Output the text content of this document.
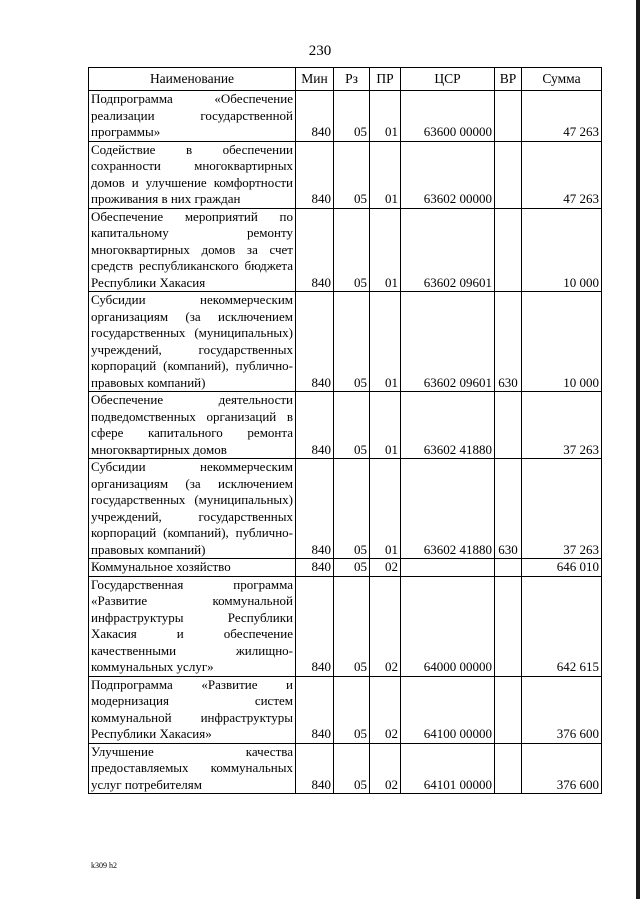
230
Наименование	Мин	Рз	ПР	ЦСР	ВР	Сумма
Подпрограмма «Обеспечение реализации государственной программы»	840	05	01	63600 00000		47 263
Содействие в обеспечении сохранности многоквартирных домов и улучшение комфортности проживания в них граждан	840	05	01	63602 00000		47 263
Обеспечение мероприятий по капитальному ремонту многоквартирных домов за счет средств республиканского бюджета Республики Хакасия	840	05	01	63602 09601		10 000
Субсидии некоммерческим организациям (за исключением государственных (муниципальных) учреждений, государственных корпораций (компаний), публично-правовых компаний)	840	05	01	63602 09601	630	10 000
Обеспечение деятельности подведомственных организаций в сфере капитального ремонта многоквартирных домов	840	05	01	63602 41880		37 263
Субсидии некоммерческим организациям (за исключением государственных (муниципальных) учреждений, государственных корпораций (компаний), публично-правовых компаний)	840	05	01	63602 41880	630	37 263
Коммунальное хозяйство	840	05	02			646 010
Государственная программа «Развитие коммунальной инфраструктуры Республики Хакасия и обеспечение качественными жилищно-коммунальных услуг»	840	05	02	64000 00000		642 615
Подпрограмма «Развитие и модернизация систем коммунальной инфраструктуры Республики Хакасия»	840	05	02	64100 00000		376 600
Улучшение качества предоставляемых коммунальных услуг потребителям	840	05	02	64101 00000		376 600
k309 h2
